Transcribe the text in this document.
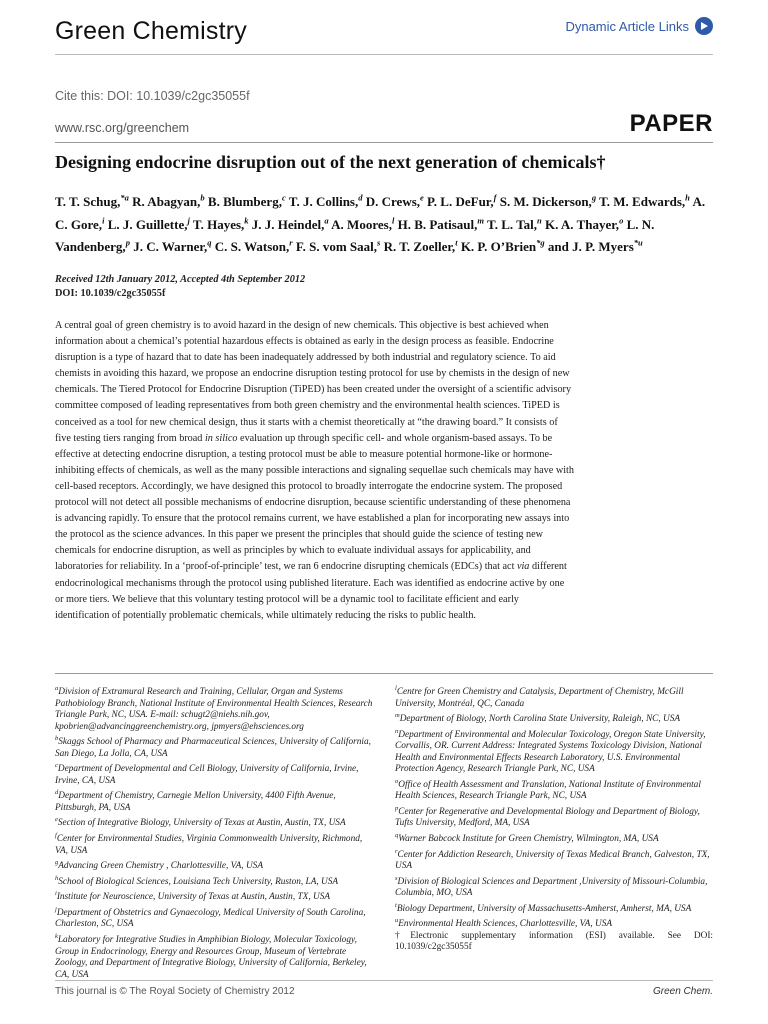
Green Chemistry	Dynamic Article Links
Cite this: DOI: 10.1039/c2gc35055f
www.rsc.org/greenchem	PAPER
Designing endocrine disruption out of the next generation of chemicals†
T. T. Schug,$^{*a}$ R. Abagyan,$^b$ B. Blumberg,$^c$ T. J. Collins,$^d$ D. Crews,$^e$ P. L. DeFur,$^f$ S. M. Dickerson,$^g$ T. M. Edwards,$^h$ A. C. Gore,$^i$ L. J. Guillette,$^j$ T. Hayes,$^k$ J. J. Heindel,$^a$ A. Moores,$^l$ H. B. Patisaul,$^m$ T. L. Tal,$^n$ K. A. Thayer,$^o$ L. N. Vandenberg,$^p$ J. C. Warner,$^q$ C. S. Watson,$^r$ F. S. vom Saal,$^s$ R. T. Zoeller,$^t$ K. P. O’Brien$^{*g}$ and J. P. Myers$^{*u}$
Received 12th January 2012, Accepted 4th September 2012
DOI: 10.1039/c2gc35055f

A central goal of green chemistry is to avoid hazard in the design of new chemicals. This objective is best achieved when information about a chemical’s potential hazardous effects is obtained as early in the design process as feasible. Endocrine disruption is a type of hazard that to date has been inadequately addressed by both industrial and regulatory science. To aid chemists in avoiding this hazard, we propose an endocrine disruption testing protocol for use by chemists in the design of new chemicals. The Tiered Protocol for Endocrine Disruption (TiPED) has been created under the oversight of a scientific advisory committee composed of leading representatives from both green chemistry and the environmental health sciences. TiPED is conceived as a tool for new chemical design, thus it starts with a chemist theoretically at “the drawing board.” It consists of five testing tiers ranging from broad in silico evaluation up through specific cell- and whole organism-based assays. To be effective at detecting endocrine disruption, a testing protocol must be able to measure potential hormone-like or hormone-inhibiting effects of chemicals, as well as the many possible interactions and signaling sequellae such chemicals may have with cell-based receptors. Accordingly, we have designed this protocol to broadly interrogate the endocrine system. The proposed protocol will not detect all possible mechanisms of endocrine disruption, because scientific understanding of these phenomena is advancing rapidly. To ensure that the protocol remains current, we have established a plan for incorporating new assays into the protocol as the science advances. In this paper we present the principles that should guide the science of testing new chemicals for endocrine disruption, as well as principles by which to evaluate individual assays for applicability, and laboratories for reliability. In a ‘proof-of-principle’ test, we ran 6 endocrine disrupting chemicals (EDCs) that act via different endocrinological mechanisms through the protocol using published literature. Each was identified as endocrine active by one or more tiers. We believe that this voluntary testing protocol will be a dynamic tool to facilitate efficient and early identification of potentially problematic chemicals, while ultimately reducing the risks to public health.

$^a$Division of Extramural Research and Training, Cellular, Organ and Systems Pathobiology Branch, National Institute of Environmental Health Sciences, Research Triangle Park, NC, USA. E-mail: schugt2@niehs.nih.gov, kpobrien@advancinggreenchemistry.org, jpmyers@ehsciences.org
$^b$Skaggs School of Pharmacy and Pharmaceutical Sciences, University of California, San Diego, La Jolla, CA, USA
$^c$Department of Developmental and Cell Biology, University of California, Irvine, Irvine, CA, USA
$^d$Department of Chemistry, Carnegie Mellon University, 4400 Fifth Avenue, Pittsburgh, PA, USA
$^e$Section of Integrative Biology, University of Texas at Austin, Austin, TX, USA
$^f$Center for Environmental Studies, Virginia Commonwealth University, Richmond, VA, USA
$^g$Advancing Green Chemistry , Charlottesville, VA, USA
$^h$School of Biological Sciences, Louisiana Tech University, Ruston, LA, USA
$^i$Institute for Neuroscience, University of Texas at Austin, Austin, TX, USA
$^j$Department of Obstetrics and Gynaecology, Medical University of South Carolina, Charleston, SC, USA
$^k$Laboratory for Integrative Studies in Amphibian Biology, Molecular Toxicology, Group in Endocrinology, Energy and Resources Group, Museum of Vertebrate Zoology, and Department of Integrative Biology, University of California, Berkeley, CA, USA
$^l$Centre for Green Chemistry and Catalysis, Department of Chemistry, McGill University, Montréal, QC, Canada
$^m$Department of Biology, North Carolina State University, Raleigh, NC, USA
$^n$Department of Environmental and Molecular Toxicology, Oregon State University, Corvallis, OR. Current Address: Integrated Systems Toxicology Division, National Health and Environmental Effects Research Laboratory, U.S. Environmental Protection Agency, Research Triangle Park, NC, USA
$^o$Office of Health Assessment and Translation, National Institute of Environmental Health Sciences, Research Triangle Park, NC, USA
$^p$Center for Regenerative and Developmental Biology and Department of Biology, Tufts University, Medford, MA, USA
$^q$Warner Babcock Institute for Green Chemistry, Wilmington, MA, USA
$^r$Center for Addiction Research, University of Texas Medical Branch, Galveston, TX, USA
$^s$Division of Biological Sciences and Department ,University of Missouri-Columbia, Columbia, MO, USA
$^t$Biology Department, University of Massachusetts-Amherst, Amherst, MA, USA
$^u$Environmental Health Sciences, Charlottesville, VA, USA
†Electronic supplementary information (ESI) available. See DOI: 10.1039/c2gc35055f
This journal is © The Royal Society of Chemistry 2012	Green Chem.
